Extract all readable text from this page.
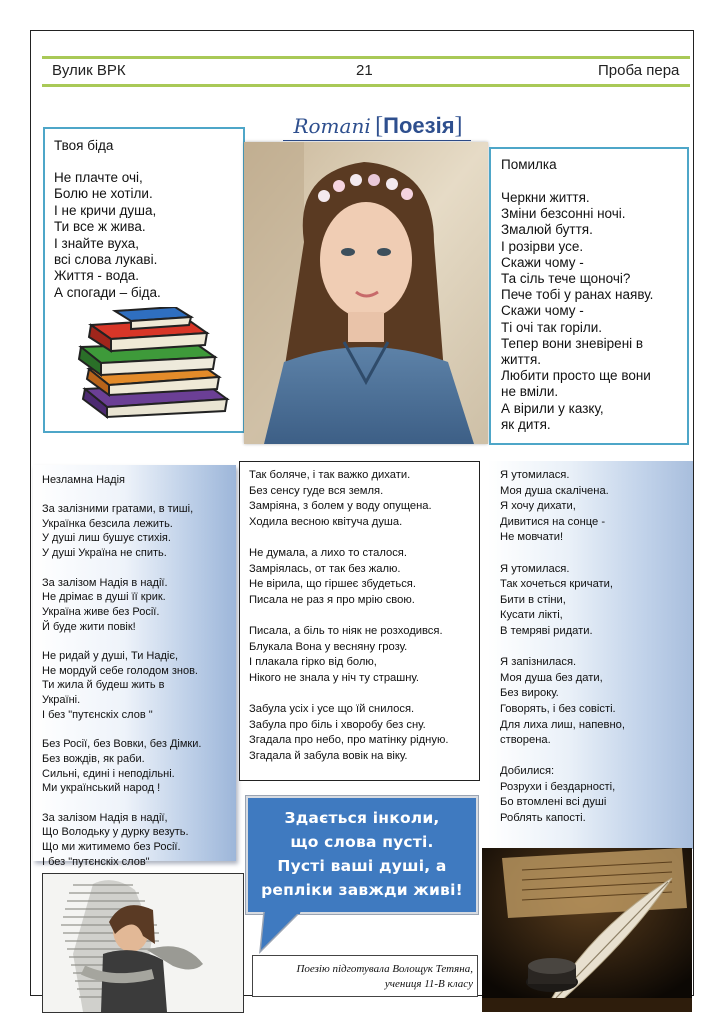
Вулик ВРК	21	Проба пера
Romani [Поезія]
Твоя біда
Не плачте очі,
Болю не хотіли.
І не кричи душа,
Ти все ж жива.
І знайте вуха,
всі слова лукаві.
Життя - вода.
А спогади – біда.
Помилка
Черкни життя.
Зміни безсонні ночі.
Змалюй буття.
І розірви усе.
Скажи чому -
Та сіль тече щоночі?
Пече тобі у ранах наяву.
Скажи чому -
Ті очі так горіли.
Тепер вони зневірені в
життя.
Любити просто ще вони
не вміли.
А вірили у казку,
як дитя.
Незламна Надія
За залізними гратами, в тиші,
Українка безсила лежить.
У душі лиш бушує стихія.
У душі Україна не спить.

За залізом Надія в надії.
Не дрімає в душі її крик.
Україна живе без Росії.
Й буде жити повік!

Не ридай у душі, Ти Надіє,
Не мордуй себе голодом знов.
Ти жила й будеш жить в
Україні.
І без "путєнскіх слов "

Без Росії, без Вовки, без Дімки.
Без вождів, як раби.
Сильні, єдині і неподільні.
Ми український народ !

За залізом Надія в надії,
Що Володьку у дурку везуть.
Що ми житимемо без Росії.
І без "путєнскіх слов"
Так боляче, і так важко дихати.
Без сенсу гуде вся земля.
Замріяна, з болем у воду опущена.
Ходила весною квітуча душа.

Не думала, а лихо то сталося.
Замріялась, от так без жалю.
Не вірила, що гіршеє збудеться.
Писала не раз я про мрію свою.

Писала, а біль то ніяк не розходився.
Блукала Вона у весняну грозу.
І плакала гірко від болю,
Нікого не знала у ніч ту страшну.

Забула усіх і усе що їй снилося.
Забула про біль і хворобу без сну.
Згадала про небо, про матінку рідную.
Згадала й забула вовік на віку.
Я утомилася.
Моя душа скалічена.
Я хочу дихати,
Дивитися на сонце -
Не мовчати!

Я утомилася.
Так хочеться кричати,
Бити в стіни,
Кусати лікті,
В темряві ридати.

Я запізнилася.
Моя душа без дати,
Без вироку.
Говорять, і без совісті.
Для лиха лиш, напевно,
створена.

Добилися:
Розрухи і бездарності,
Бо втомлені всі душі
Роблять капості.
Здається інколи,
що слова пусті.
Пусті ваші душі, а
репліки завжди живі!
Поезію підготувала Волощук Тетяна,
учениця 11-В класу
